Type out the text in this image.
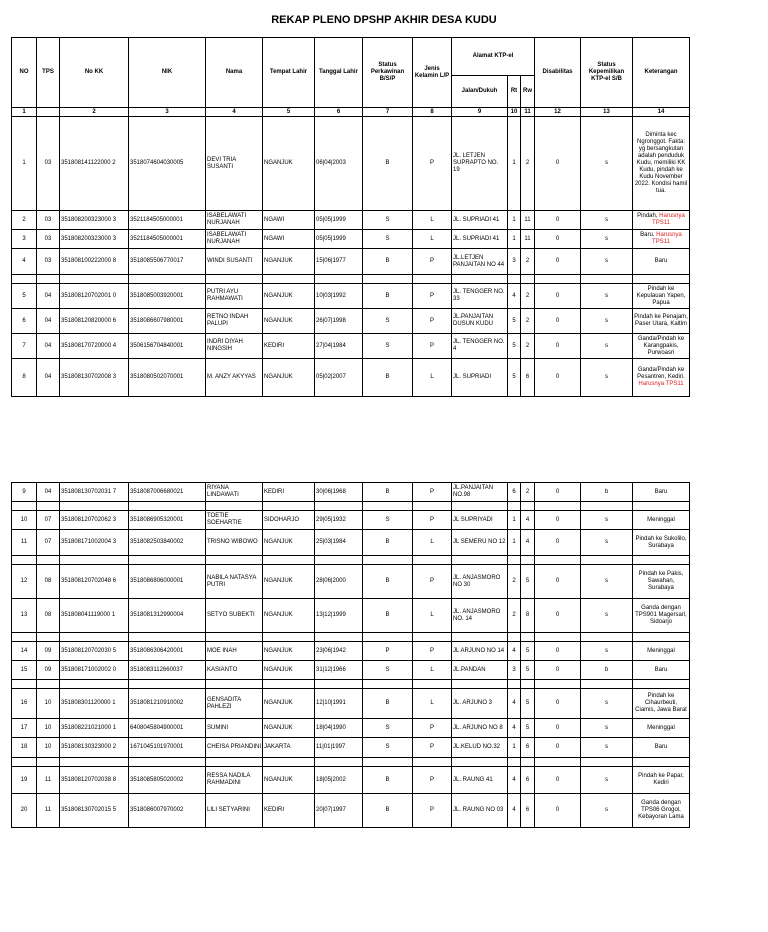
REKAP PLENO DPSHP AKHIR DESA KUDU
NO	TPS	No KK	NIK	Nama	Tempat Lahir	Tanggal Lahir	Status Perkawinan B/S/P	Jenis Kelamin L/P	Alamat KTP-el			Disabilitas	Status Kepemilikan KTP-el S/B	Keterangan
									Jalan/Dukuh	Rt	Rw			
1		2	3	4	5	6	7	8	9	10	11	12	13	14
1	03	351808141122000 2	3518074604030005	DEVI TRIA SUSANTI	NGANJUK	06|04|2003	B	P	JL. LETJEN SUPRAPTO NO. 19	1	2	0	s	Diminta kec Ngronggot. Fakta: yg bersangkutan adalah penduduk Kudu, memiliki KK Kudu, pindah ke Kudu November 2022. Kondisi hamil tua.
2	03	351808200323000 3	3521184505000001	ISABELAWATI NURJANAH	NGAWI	05|05|1999	S	L	JL. SUPRIADI 41	1	11	0	s	Pindah, Harusnya TPS11
3	03	351808200323000 3	3521184505000001	ISABELAWATI NURJANAH	NGAWI	05|05|1999	S	L	JL. SUPRIADI 41	1	11	0	s	Baru. Harusnya TPS11
4	03	351808100222000 8	3518085506770017	WINDI SUSANTI	NGANJUK	15|06|1977	B	P	JL.LETJEN PANJAITAN NO 44	3	2	0	s	Baru

5	04	351808120702001 0	3518085003920001	PUTRI AYU RAHMAWATI	NGANJUK	10|03|1992	B	P	JL. TENGGER NO. 33	4	2	0	s	Pindah ke Kepulauan Yapen, Papua
6	04	351808120820000 6	3518086607980001	RETNO INDAH PALUPI	NGANJUK	26|07|1998	S	P	JL.PANJAITAN DUSUN KUDU	5	2	0	s	Pindah ke Penajam, Paser Utara, Kaltim
7	04	351808170720000 4	3506156704840001	INDRI DIYAH NINGSIH	KEDIRI	27|04|1984	S	P	JL. TENGGER NO. 4	5	2	0	s	Ganda/Pindah ke Karangpakis, Purwoasri
8	04	351808130702008 3	3518080502070001	M. ANZY AKYYAS	NGANJUK	05|02|2007	B	L	JL. SUPRIADI	5	6	0	s	Ganda/Pindah ke Pesantren, Kediri. Harusnya TPS11
9	04	351808130702031 7	3518087006680021	RIYANA LINDAWATI	KEDIRI	30|06|1968	B	P	JL.PANJAITAN NO.98	6	2	0	b	Baru

10	07	351808120702062 3	3518086905320001	TOETIE SOEHARTIE	SIDOHARJO	29|05|1932	S	P	JL SUPRIYADI	1	4	0	s	Meninggal
11	07	351808171002004 3	3518082503840002	TRISNO WIBOWO	NGANJUK	25|03|1984	B	L	JL SEMERU NO 12	1	4	0	s	Pindah ke Sukolilo, Surabaya

12	08	351808120702048 6	3518086806000001	NABILA NATASYA PUTRI	NGANJUK	28|06|2000	B	P	JL. ANJASMORO NO 30	2	5	0	s	Pindah ke Pakis, Sawahan, Surabaya
13	08	351808041119000 1	3518081312990004	SETYO SUBEKTI	NGANJUK	13|12|1999	B	L	JL. ANJASMORO NO. 14	2	8	0	s	Ganda dengan TPS901 Magersari, Sidoarjo

14	09	351808120702030 5	3518086306420001	MOE INAH	NGANJUK	23|06|1942	P	P	JL ARJUNO NO 14	4	5	0	s	Meninggal
15	09	351808171002002 0	3518083112660037	KASIANTO	NGANJUK	31|12|1966	S	L	JL.PANDAN	3	5	0	b	Baru

16	10	351808301120000 1	3518081210910002	GENSADITA PAHLEZI	NGANJUK	12|10|1991	B	L	JL. ARJUNO 3	4	5	0	s	Pindah ke Cihaurbeuti, Ciamis, Jawa Barat
17	10	351808221021000 1	6408045804900001	SUMINI	NGANJUK	18|04|1990	S	P	JL. ARJUNO NO 8	4	5	0	s	Meninggal
18	10	351808130323000 2	1671045101970001	CHEISA PRIANDINI	JAKARTA	11|01|1997	S	P	JL.KELUD NO.32	1	6	0	s	Baru

19	11	351808120702038 8	3518085805020002	RESSA NADILA RAHMADINI	NGANJUK	18|05|2002	B	P	JL. RAUNG 41	4	6	0	s	Pindah ke Papar, Kediri
20	11	351808130702015 5	3518086007970002	LILI SETYARINI	KEDIRI	20|07|1997	B	P	JL. RAUNG NO 03	4	6	0	s	Ganda dengan TPS06 Grogol, Kebayoran Lama
